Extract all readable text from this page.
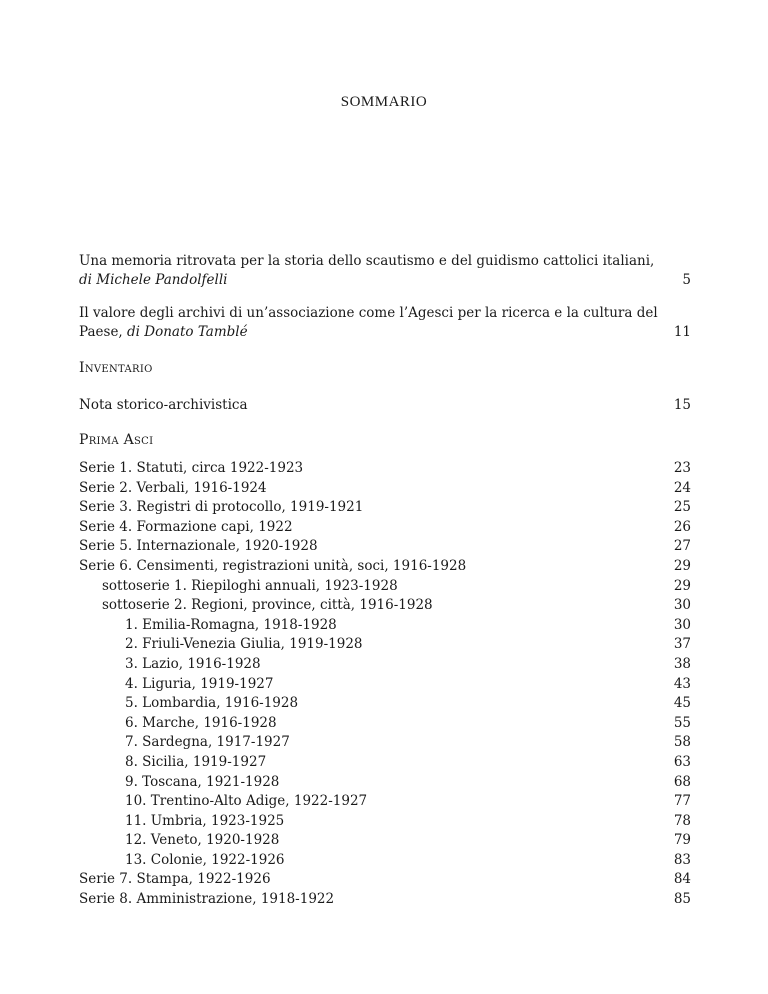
SOMMARIO
Una memoria ritrovata per la storia dello scautismo e del guidismo cattolici italiani,
di Michele Pandolfelli	5
Il valore degli archivi di un’associazione come l’Agesci per la ricerca e la cultura del
Paese, di Donato Tamblé	11
Inventario
Nota storico-archivistica	15
Prima Asci
Serie 1. Statuti, circa 1922-1923	23
Serie 2. Verbali, 1916-1924	24
Serie 3. Registri di protocollo, 1919-1921	25
Serie 4. Formazione capi, 1922	26
Serie 5. Internazionale, 1920-1928	27
Serie 6. Censimenti, registrazioni unità, soci, 1916-1928	29
sottoserie 1. Riepiloghi annuali, 1923-1928	29
sottoserie 2. Regioni, province, città, 1916-1928	30
1. Emilia-Romagna, 1918-1928	30
2. Friuli-Venezia Giulia, 1919-1928	37
3. Lazio, 1916-1928	38
4. Liguria, 1919-1927	43
5. Lombardia, 1916-1928	45
6. Marche, 1916-1928	55
7. Sardegna, 1917-1927	58
8. Sicilia, 1919-1927	63
9. Toscana, 1921-1928	68
10. Trentino-Alto Adige, 1922-1927	77
11. Umbria, 1923-1925	78
12. Veneto, 1920-1928	79
13. Colonie, 1922-1926	83
Serie 7. Stampa, 1922-1926	84
Serie 8. Amministrazione, 1918-1922	85
